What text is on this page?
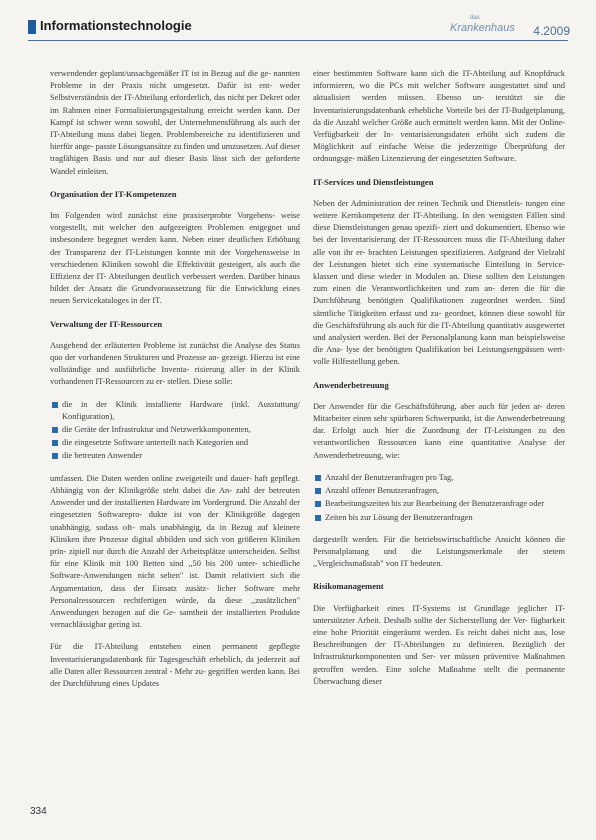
Informationstechnologie	das
Krankenhaus 4.2009

verwendender geplant/unsachgemäßer IT ist in Bezug auf die ge- nannten Probleme in der Praxis nicht umgesetzt. Dafür ist ent- weder Selbstverständnis der IT-Abteilung erforderlich, das nicht per Dekret oder im Rahmen einer Formalisierungsgestaltung erreicht werden kann. Der Kampf ist schwer wenn sowohl, der Unternehmensführung als auch der IT-Abteilung muss dabei liegen. Problembereiche zu identifizieren und hierfür ange- passte Lösungsansätze zu finden und umzusetzen. Auf dieser tragfähigen Basis und nur auf dieser Basis lässt sich der geforderte Wandel einleiten.

Organisation der IT-Kompetenzen

Im Folgenden wird zunächst eine praxiserprobte Vorgehens- weise vorgestellt, mit welcher den aufgezeigten Problemen entgegnet und insbesondere begegnet werden kann. Neben einer deutlichen Erhöhung der Transparenz der IT-Leistungen konnte mit der Vorgehensweise in verschiedenen Kliniken sowohl die Effektivität gesteigert, als auch die Effizienz der IT- Abteilungen deutlich verbessert werden. Darüber hinaus bildet der Ansatz die Grundvoraussetzung für die Entwicklung eines neuen Servicekataloges in der IT.

Verwaltung der IT-Ressourcen

Ausgehend der erläuterten Probleme ist zunächst die Analyse des Status quo der vorhandenen Strukturen und Prozesse an- gezeigt. Hierzu ist eine vollständige und ausführliche Inventa- risierung aller in der Klinik vorhandenen IT-Ressourcen zu er- stellen. Diese solle:

die in der Klinik installierte Hardware (inkl. Ausstattung/ Konfiguration),
die Geräte der Infrastruktur und Netzwerkkomponenten,
die eingesetzte Software unterteilt nach Kategorien und
die betreuten Anwender

umfassen. Die Daten werden online zweigeteilt und dauer- haft gepflegt. Abhängig von der Klinikgröße steht dabei die An- zahl der betreuten Anwender und der installierten Hardware im Vordergrund. Die Anzahl der eingesetzten Softwarepro- dukte ist von der Klinikgröße dagegen unabhängig, sodass oft- mals unabhängig, da in Bezug auf kleinere Kliniken ihre Prozesse digital abbilden und sich von größeren Kliniken prin- zipiell nur durch die Anzahl der Arbeitsplätze unterscheiden. Selbst für eine Klinik mit 100 Betten sind ,,50 bis 200 unter- schiedliche Software-Anwendungen nicht selten" ist. Damit relativiert sich die Argumentation, dass der Einsatz zusätz- licher Software mehr Personalressourcen rechtfertigen würde, da diese ,,zusätzlichen" Anwendungen bezogen auf die Ge- samtheit der installierten Produkte vernachlässigbar gering ist.

Für die IT-Abteilung entstehen einen permanent gepflegte Inventarisierungsdatenbank für Tagesgeschäft erheblich, da jederzeit auf alle Daten aller Ressourcen zentral - Mehr zu- gegriffen werden kann. Bei der Durchführung eines Updates

einer bestimmten Software kann sich die IT-Abteilung auf Knopfdruck informieren, wo die PCs mit welcher Software ausgestattet sind und aktualisiert werden müssen. Ebenso un- terstützt sie die Inventarisierungsdatenbank erhebliche Vorteile bei der IT-Budgetplanung, da die Anzahl welcher Größe auch ermittelt werden kann. Mit der Online-Verfügbarkeit der In- ventarisierungsdaten erhöht sich zudem die Möglichkeit auf einfache Weise die jederzeitige Überprüfung der ordnungsge- mäßen Lizenzierung der eingesetzten Software.

IT-Services und Dienstleistungen

Neben der Administration der reinen Technik und Dienstleis- tungen eine weitere Kernkompetenz der IT-Abteilung. In den wenigsten Fällen sind diese Dienstleistungen genau spezifi- ziert und dokumentiert. Ebenso wie bei der Inventarisierung der IT-Ressourcen muss die IT-Abteilung daher alle von ihr er- brachten Leistungen spezifizieren. Aufgrund der Vielzahl der Leistungen bietet sich eine systematische Einteilung in Service- klassen und diese wieder in Modulen an. Diese sollten den Leistungen zum einen die Verantwortlichkeiten und zum an- deren die für die Durchführung benötigten Qualifikationen zugeordnet werden. Sind sämtliche Tätigkeiten erfasst und zu- geordnet, können diese sowohl für die Geschäftsführung als auch für die IT-Abteilung quantitativ ausgewertet und analysiert werden. Bei der Personalplanung kann man beispielsweise die Ana- lyse der benötigten Qualifikation bei Leistungsengpässen wert- volle Hilfestellung geben.

Anwenderbetreuung

Der Anwender für die Geschäftsführung, aber auch für jeden ar- deren Mitarbeiter einen sehr spürbaren Schwerpunkt, ist die Anwenderbetreuung dar. Erfolgt auch hier die Zuordnung der IT-Leistungen zu den verantwortlichen Ressourcen kann eine quantitative Analyse der Anwenderbetreuung, wie:

Anzahl der Benutzeranfragen pro Tag,
Anzahl offener Benutzeranfragen,
Bearbeitungszeiten bis zur Bearbeitung der Benutzeranfrage oder
Zeiten bis zur Lösung der Benutzeranfragen

dargestellt werden. Für die betriebswirtschaftliche Ansicht können die Personalplanung und die Leistungsmerkmale der stetem ,,Vergleichsmaßstab" von IT bedeuten.

Risikomanagement

Die Verfügbarkeit eines IT-Systems ist Grundlage jeglicher IT- unterstützter Arbeit. Deshalb sollte der Sicherstellung der Ver- fügbarkeit eine hohe Priorität eingeräumt werden. Es reicht dabei nicht aus, lose Beschreibungen der IT-Abteilungen zu definieren. Bezüglich der Infrastrukturkomponenten und Ser- ver müssen präventive Maßnahmen getroffen werden. Eine solche Maßnahme stellt die permanente Überwachung dieser

334
